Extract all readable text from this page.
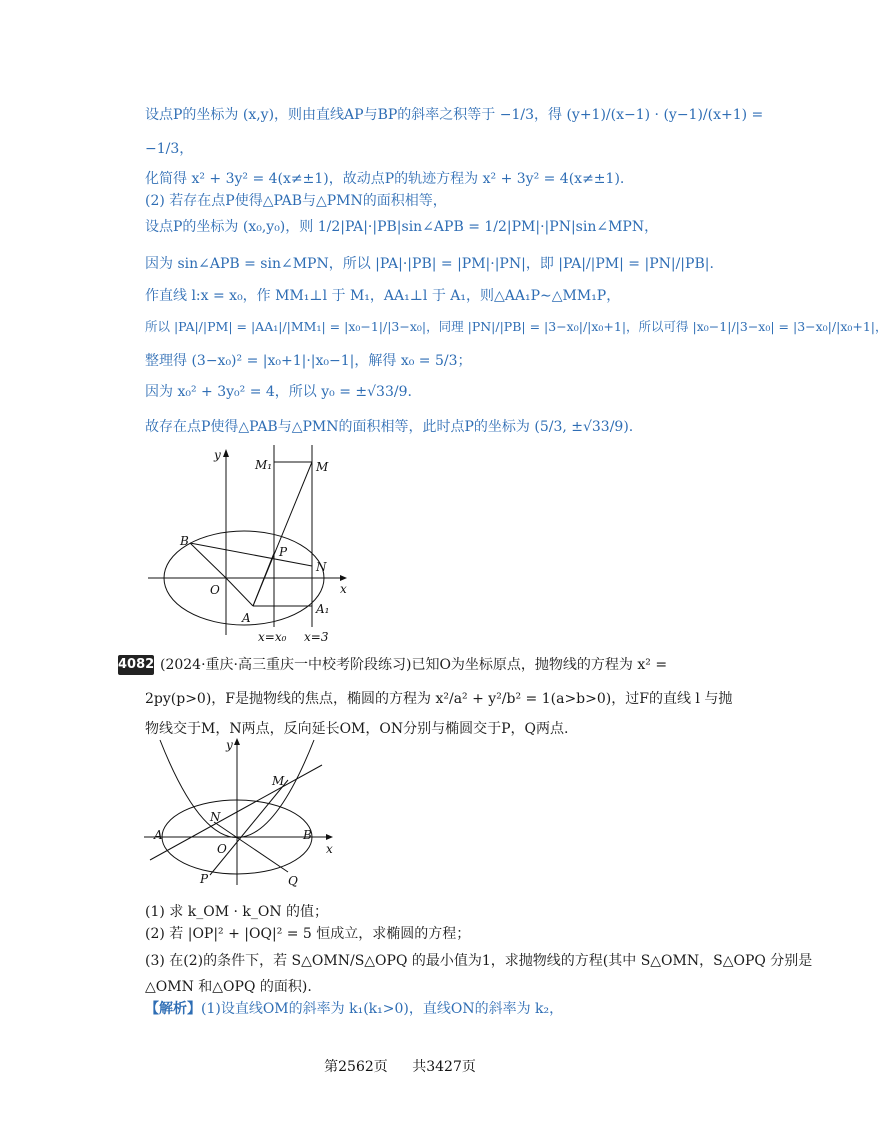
设点P的坐标为 (x,y)，则由直线AP与BP的斜率之积等于 −1/3，得 (y+1)/(x−1) · (y−1)/(x+1) =
−1/3，
化简得 x² + 3y² = 4(x≠±1)，故动点P的轨迹方程为 x² + 3y² = 4(x≠±1).
(2) 若存在点P使得△PAB与△PMN的面积相等，
设点P的坐标为 (x₀,y₀)，则 1/2|PA|·|PB|sin∠APB = 1/2|PM|·|PN|sin∠MPN，
因为 sin∠APB = sin∠MPN，所以 |PA|·|PB| = |PM|·|PN|，即 |PA|/|PM| = |PN|/|PB|.
作直线 l:x = x₀，作 MM₁⊥l 于 M₁，AA₁⊥l 于 A₁，则△AA₁P∼△MM₁P，
所以 |PA|/|PM| = |AA₁|/|MM₁| = |x₀−1|/|3−x₀|，同理 |PN|/|PB| = |3−x₀|/|x₀+1|，所以可得 |x₀−1|/|3−x₀| = |3−x₀|/|x₀+1|，
整理得 (3−x₀)² = |x₀+1|·|x₀−1|，解得 x₀ = 5/3；
因为 x₀² + 3y₀² = 4，所以 y₀ = ±√33/9.
故存在点P使得△PAB与△PMN的面积相等，此时点P的坐标为 (5/3, ±√33/9).
y
x
O
B
P
N
A
A₁
M₁	M
x=x₀ x=3
4082 (2024·重庆·高三重庆一中校考阶段练习)已知O为坐标原点，抛物线的方程为 x² =
2py(p>0)，F是抛物线的焦点，椭圆的方程为 x²/a² + y²/b² = 1(a>b>0)，过F的直线 l 与抛
物线交于M，N两点，反向延长OM，ON分别与椭圆交于P，Q两点.
y
x
M
N
A
O
B
P	Q
(1) 求 k_OM · k_ON 的值；
(2) 若 |OP|² + |OQ|² = 5 恒成立，求椭圆的方程；
(3) 在(2)的条件下，若 S△OMN/S△OPQ 的最小值为1，求抛物线的方程(其中 S△OMN，S△OPQ 分别是
△OMN 和△OPQ 的面积).
【解析】(1)设直线OM的斜率为 k₁(k₁>0)，直线ON的斜率为 k₂，
第2562页 共3427页
